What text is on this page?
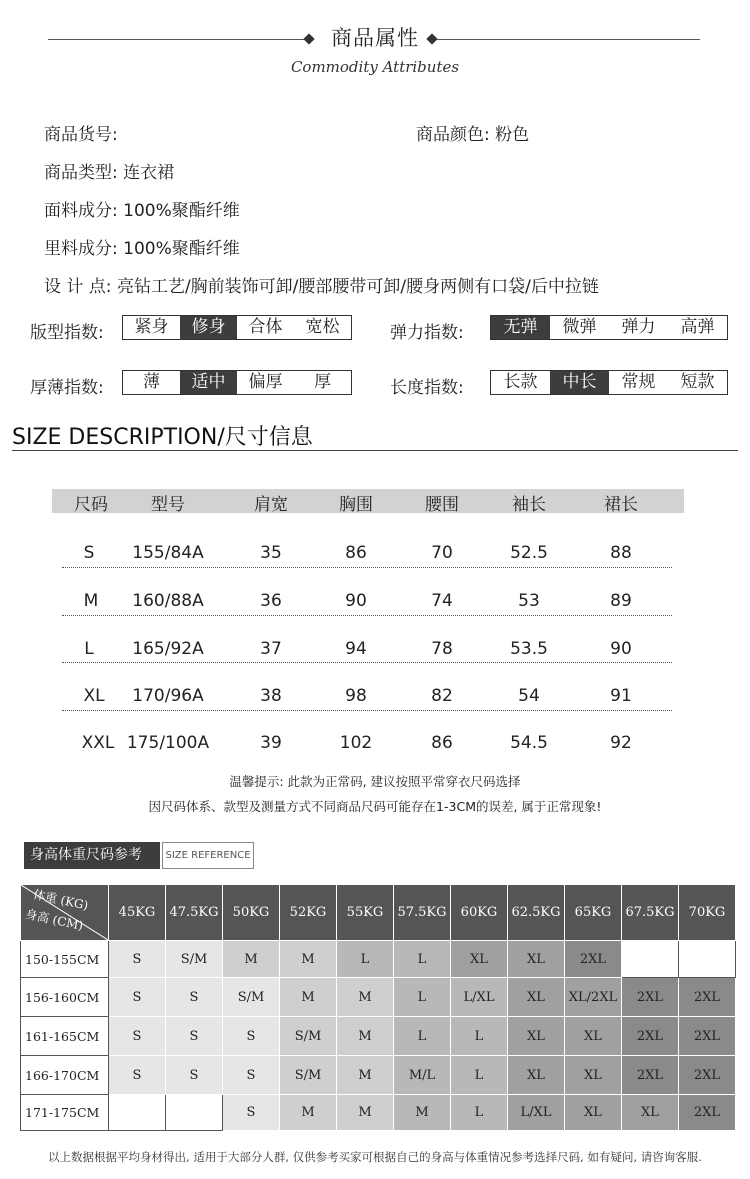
商品属性
Commodity Attributes
商品货号:	商品颜色: 粉色
商品类型: 连衣裙
面料成分: 100%聚酯纤维
里料成分: 100%聚酯纤维
设 计 点: 亮钻工艺/胸前装饰可卸/腰部腰带可卸/腰身两侧有口袋/后中拉链
版型指数:	紧身	修身	合体	宽松	弹力指数:	无弹	微弹	弹力	高弹
厚薄指数:	薄	适中	偏厚	厚	长度指数:	长款	中长	常规	短款
SIZE DESCRIPTION/尺寸信息
尺码	型号	肩宽	胸围	腰围	袖长	裙长
S 155/84A	35	86	70	52.5	88
M 160/88A	36	90	74	53	89
L 165/92A	37	94	78	53.5	90
XL 170/96A	38	98	82	54	91
XXL 175/100A	39	102	86	54.5	92
温馨提示: 此款为正常码, 建议按照平常穿衣尺码选择
因尺码体系、款型及测量方式不同商品尺码可能存在1-3CM的误差, 属于正常现象!
身高体重尺码参考	SIZE REFERENCE
体重 (KG)
身高 (CM)	45KG	47.5KG	50KG	52KG	55KG	57.5KG	60KG	62.5KG	65KG	67.5KG	70KG
150-155CM	S	S/M	M	M	L	L	XL	XL	2XL		
156-160CM	S	S	S/M	M	M	L	L/XL	XL	XL/2XL	2XL	2XL
161-165CM	S	S	S	S/M	M	L	L	XL	XL	2XL	2XL
166-170CM	S	S	S	S/M	M	M/L	L	XL	XL	2XL	2XL
171-175CM			S	M	M	M	L	L/XL	XL	XL	2XL
以上数据根据平均身材得出, 适用于大部分人群, 仅供参考买家可根据自己的身高与体重情况参考选择尺码, 如有疑问, 请咨询客服.
